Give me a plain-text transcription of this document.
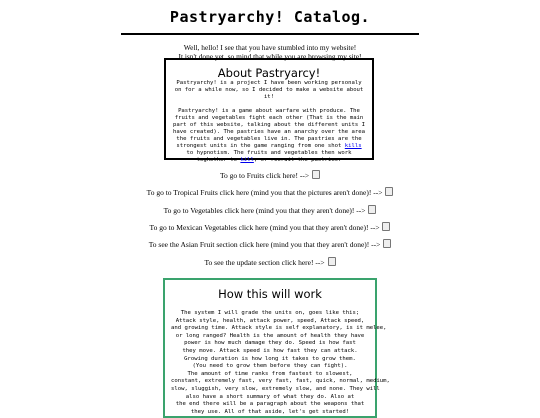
Pastryarchy! Catalog.
Well, hello! I see that you have stumbled into my website!
It isn't done yet, so mind that while you are browsing my site!
About Pastryarcy!

Pastryarchy! is a project I have been working personaly on for a while now, so I decided to make a website about it!

Pastryarchy! is a game about warfare with produce. The fruits and vegetables fight each other (That is the main part of this website, talking about the different units I have created). The pastries have an anarchy over the area the fruits and vegetables live in. The pastries are the strongest units in the game ranging from one shot kills to hypnotism. The fruits and vegetables then work toghether to kill, or recruit the pastries.

To go to Fruits click here! -->
To go to Tropical Fruits click here (mind you that the pictures aren't done)! -->
To go to Vegetables click here (mind you that they aren't done)! -->
To go to Mexican Vegetables click here (mind you that they aren't done)! -->
To see the Asian Fruit section click here (mind you that they aren't done)! -->
To see the update section click here! -->
How this will work
The system I will grade the units on, goes like this;
Attack style, health, attack power, speed, Attack speed,
and growing time. Attack style is self explanatory, is it melee,
or long ranged? Health is the amount of health they have
power is how much damage they do. Speed is how fast
they move. Attack speed is how fast they can attack.
Growing duration is how long it takes to grow them.
(You need to grow them before they can fight).
The amount of time ranks from fastest to slowest,
constant, extremely fast, very fast, fast, quick, normal, medium,
slow, sluggish, very slow, extremely slow, and none. They will
also have a short summary of what they do. Also at
the end there will be a paragraph about the weapons that
they use. All of that aside, let's get started!
